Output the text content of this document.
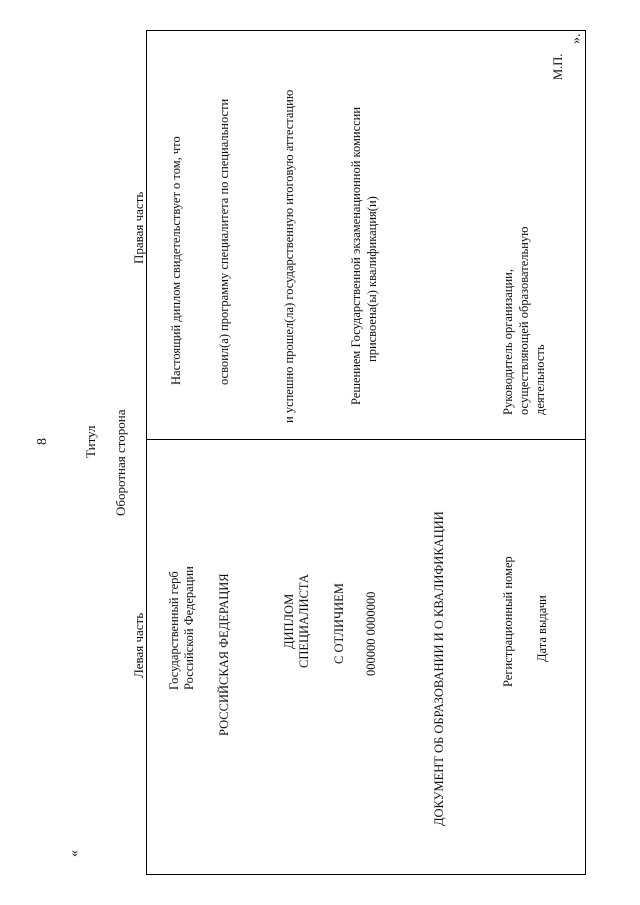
8	Титул Оборотная сторона
«
».
Левая часть
Правая часть
Государственный герб Российской Федерации РОССИЙСКАЯ ФЕДЕРАЦИЯ	ДИПЛОМ СПЕЦИАЛИСТА С ОТЛИЧИЕМ 000000 0000000	ДОКУМЕНТ ОБ ОБРАЗОВАНИИ И О КВАЛИФИКАЦИИ	Регистрационный номер Дата выдачи
Настоящий диплом свидетельствует о том, что	освоил(а) программу специалитета по специальности	и успешно прошел(ла) государственную итоговую аттестацию	Решением Государственной экзаменационной комиссии присвоена(ы) квалификация(и)	Руководитель организации, осуществляющей образовательную деятельность
М.П.
